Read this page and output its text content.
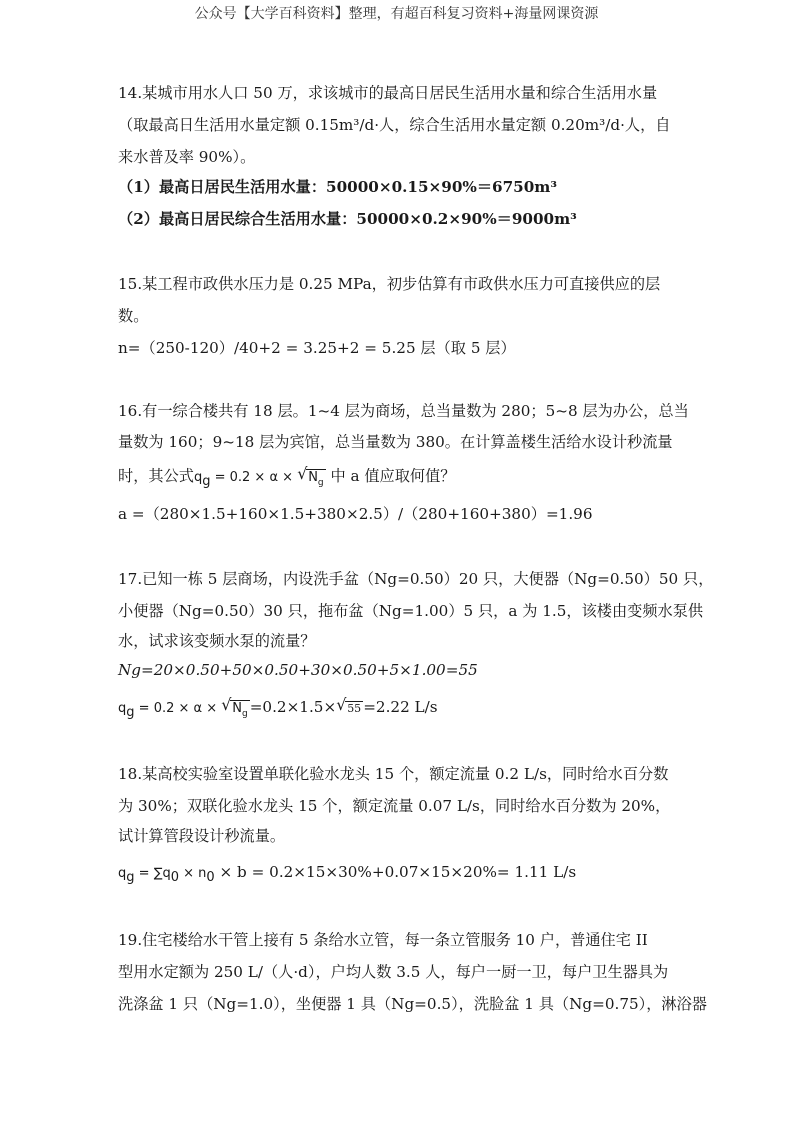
公众号【大学百科资料】整理，有超百科复习资料+海量网课资源
14.某城市用水人口 50 万，求该城市的最高日居民生活用水量和综合生活用水量
（取最高日生活用水量定额 0.15m³/d·人，综合生活用水量定额 0.20m³/d·人，自
来水普及率 90%）。
（1）最高日居民生活用水量：50000×0.15×90%＝6750m³
（2）最高日居民综合生活用水量：50000×0.2×90%＝9000m³
15.某工程市政供水压力是 0.25 MPa，初步估算有市政供水压力可直接供应的层
数。
n=（250-120）/40+2 = 3.25+2 = 5.25 层（取 5 层）
16.有一综合楼共有 18 层。1~4 层为商场，总当量数为 280；5~8 层为办公，总当
量数为 160；9~18 层为宾馆，总当量数为 380。在计算盖楼生活给水设计秒流量
时，其公式qg = 0.2 × α × √ $N_g$ 中 a 值应取何值？
a =（280×1.5+160×1.5+380×2.5）/（280+160+380）=1.96
17.已知一栋 5 层商场，内设洗手盆（Ng=0.50）20 只，大便器（Ng=0.50）50 只，
小便器（Ng=0.50）30 只，拖布盆（Ng=1.00）5 只，a 为 1.5，该楼由变频水泵供
水，试求该变频水泵的流量？
Ng=20×0.50+50×0.50+30×0.50+5×1.00=55
qg = 0.2 × α × √ $N_g =0.2\times 1.5\times$ √ 55 =2.22 L/s
18.某高校实验室设置单联化验水龙头 15 个，额定流量 0.2 L/s，同时给水百分数
为 30%；双联化验水龙头 15 个，额定流量 0.07 L/s，同时给水百分数为 20%，
试计算管段设计秒流量。
qg = ∑q0 × n0 × b = 0.2×15×30%+0.07×15×20%= 1.11 L/s
19.住宅楼给水干管上接有 5 条给水立管，每一条立管服务 10 户，普通住宅 II
型用水定额为 250 L/（人·d），户均人数 3.5 人，每户一厨一卫，每户卫生器具为
洗涤盆 1 只（Ng=1.0），坐便器 1 具（Ng=0.5），洗脸盆 1 具（Ng=0.75），淋浴器
